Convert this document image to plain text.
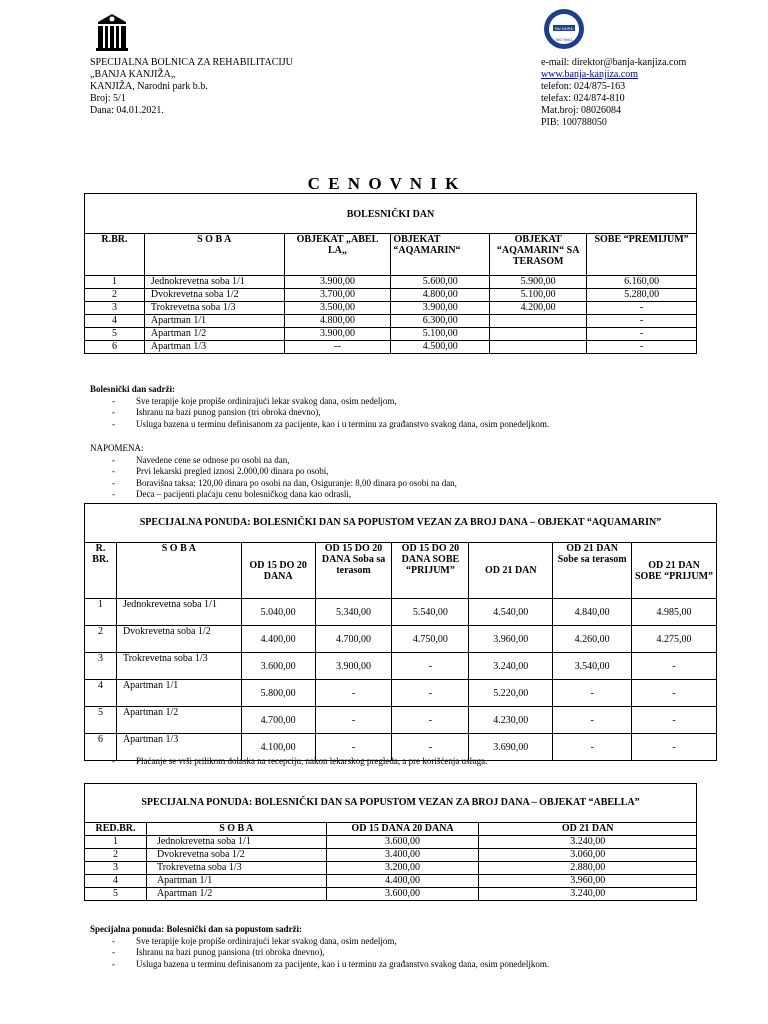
SW NORD
ISO 9001
SPECIJALNA BOLNICA ZA REHABILITACIJU
„BANJA KANJIŽA„
KANJIŽA, Narodni park b.b.
Broj: 5/1
Dana: 04.01.2021.
e-mail: direktor@banja-kanjiza.com
www.banja-kanjiza.com
telefon: 024/875-163
telefax: 024/874-810
Mat.broj: 08026084
PIB: 100788050
C E N O V N I K
BOLESNIČKI DAN
R.BR.	S O B A	OBJEKAT „ABEL LA„	OBJEKAT “AQAMARIN“	OBJEKAT “AQAMARIN“ SA TERASOM	SOBE “PREMIJUM”
1	Jednokrevetna soba 1/1	3.900,00	5.600,00	5.900,00	6.160,00
2	Dvokrevetna soba 1/2	3.700,00	4.800,00	5.100,00	5.280,00
3	Trokrevetna soba 1/3	3.500,00	3.900,00	4.200,00	-
4	Apartman 1/1	4.800,00	6.300,00		-
5	Apartman 1/2	3.900,00	5.100,00		-
6	Apartman 1/3	--	4.500,00		-
Bolesnički dan sadrži:
- Sve terapije koje propiše ordinirajući lekar svakog dana, osim nedeljom,
- Ishranu na bazi punog pansion (tri obroka dnevno),
- Usluga bazena u terminu definisanom za pacijente, kao i u terminu za građanstvo svakog dana, osim ponedeljkom.
NAPOMENA:
- Navedene cene se odnose po osobi na dan,
- Prvi lekarski pregled iznosi 2.000,00 dinara po osobi,
- Boravišna taksa: 120,00 dinara po osobi na dan, Osiguranje: 8,00 dinara po osobi na dan,
- Deca – pacijenti plaćaju cenu bolesničkog dana kao odrasli,
SPECIJALNA PONUDA: BOLESNIČKI DAN SA POPUSTOM VEZAN ZA BROJ DANA – OBJEKAT “AQUAMARIN”
R. BR.	S O B A	OD 15 DO 20 DANA	OD 15 DO 20 DANA Soba sa terasom	OD 15 DO 20 DANA SOBE “PRIJUM”	OD 21 DAN	OD 21 DAN Sobe sa terasom	OD 21 DAN SOBE “PRIJUM”
1	Jednokrevetna soba 1/1	5.040,00	5.340,00	5.540,00	4.540,00	4.840,00	4.985,00
2	Dvokrevetna soba 1/2	4.400,00	4.700,00	4.750,00	3.960,00	4.260,00	4.275,00
3	Trokrevetna soba 1/3	3.600,00	3.900,00	-	3.240,00	3.540,00	-
4	Apartman 1/1	5.800,00	-	-	5.220,00	-	-
5	Apartman 1/2	4.700,00	-	-	4.230,00	-	-
6	Apartman 1/3	4.100,00	-	-	3.690,00	-	-
- Plaćanje se vrši prilikom dolaska na recepciju, nakon lekarskog pregleda, a pre korišćenja usluga.
SPECIJALNA PONUDA: BOLESNIČKI DAN SA POPUSTOM VEZAN ZA BROJ DANA – OBJEKAT “ABELLA”
RED.BR.	S O B A	OD 15 DANA 20 DANA	OD 21 DAN
1	Jednokrevetna soba 1/1	3.600,00	3.240,00
2	Dvokrevetna soba 1/2	3.400,00	3.060,00
3	Trokrevetna soba 1/3	3.200,00	2.880,00
4	Apartman 1/1	4.400,00	3.960,00
5	Apartman 1/2	3.600,00	3.240,00
Specijalna ponuda: Bolesnički dan sa popustom sadrži:
- Sve terapije koje propiše ordinirajući lekar svakog dana, osim nedeljom,
- Ishranu na bazi punog pansiona (tri obroka dnevno),
- Usluga bazena u terminu definisanom za pacijente, kao i u terminu za građanstvo svakog dana, osim ponedeljkom.
